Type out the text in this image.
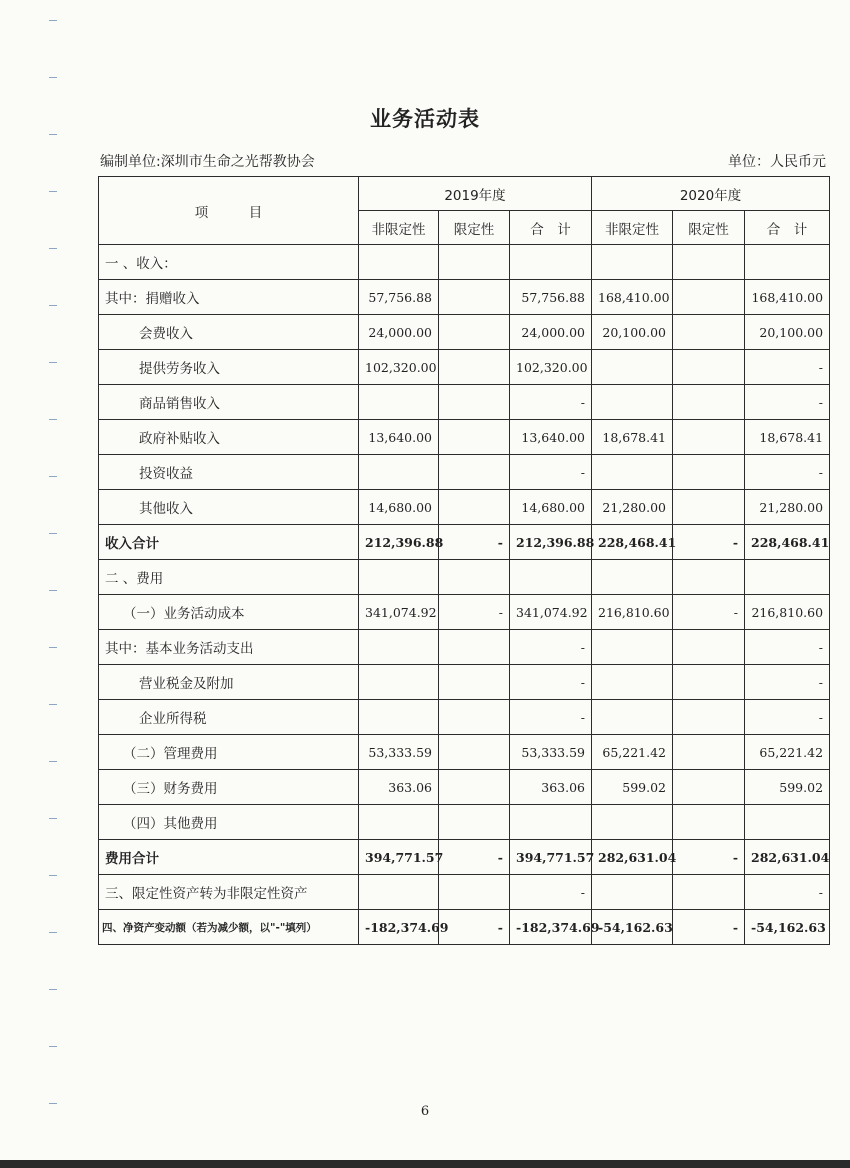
业务活动表
编制单位:深圳市生命之光帮教协会	单位：人民币元
项　　　目	2019年度			2020年度		
	非限定性	限定性	合　计	非限定性	限定性	合　计
一 、收入：						
其中：捐赠收入	57,756.88		57,756.88	168,410.00		168,410.00
会费收入	24,000.00		24,000.00	20,100.00		20,100.00
提供劳务收入	102,320.00		102,320.00			-
商品销售收入			-			-
政府补贴收入	13,640.00		13,640.00	18,678.41		18,678.41
投资收益			-			-
其他收入	14,680.00		14,680.00	21,280.00		21,280.00
收入合计	212,396.88	-	212,396.88	228,468.41	-	228,468.41
二 、费用						
（一）业务活动成本	341,074.92	-	341,074.92	216,810.60	-	216,810.60
其中：基本业务活动支出			-			-
营业税金及附加			-			-
企业所得税			-			-
（二）管理费用	53,333.59		53,333.59	65,221.42		65,221.42
（三）财务费用	363.06		363.06	599.02		599.02
（四）其他费用						
费用合计	394,771.57	-	394,771.57	282,631.04	-	282,631.04
三、限定性资产转为非限定性资产			-			-
四、净资产变动额（若为减少额，以"-"填列）	-182,374.69	-	-182,374.69	-54,162.63	-	-54,162.63
6
